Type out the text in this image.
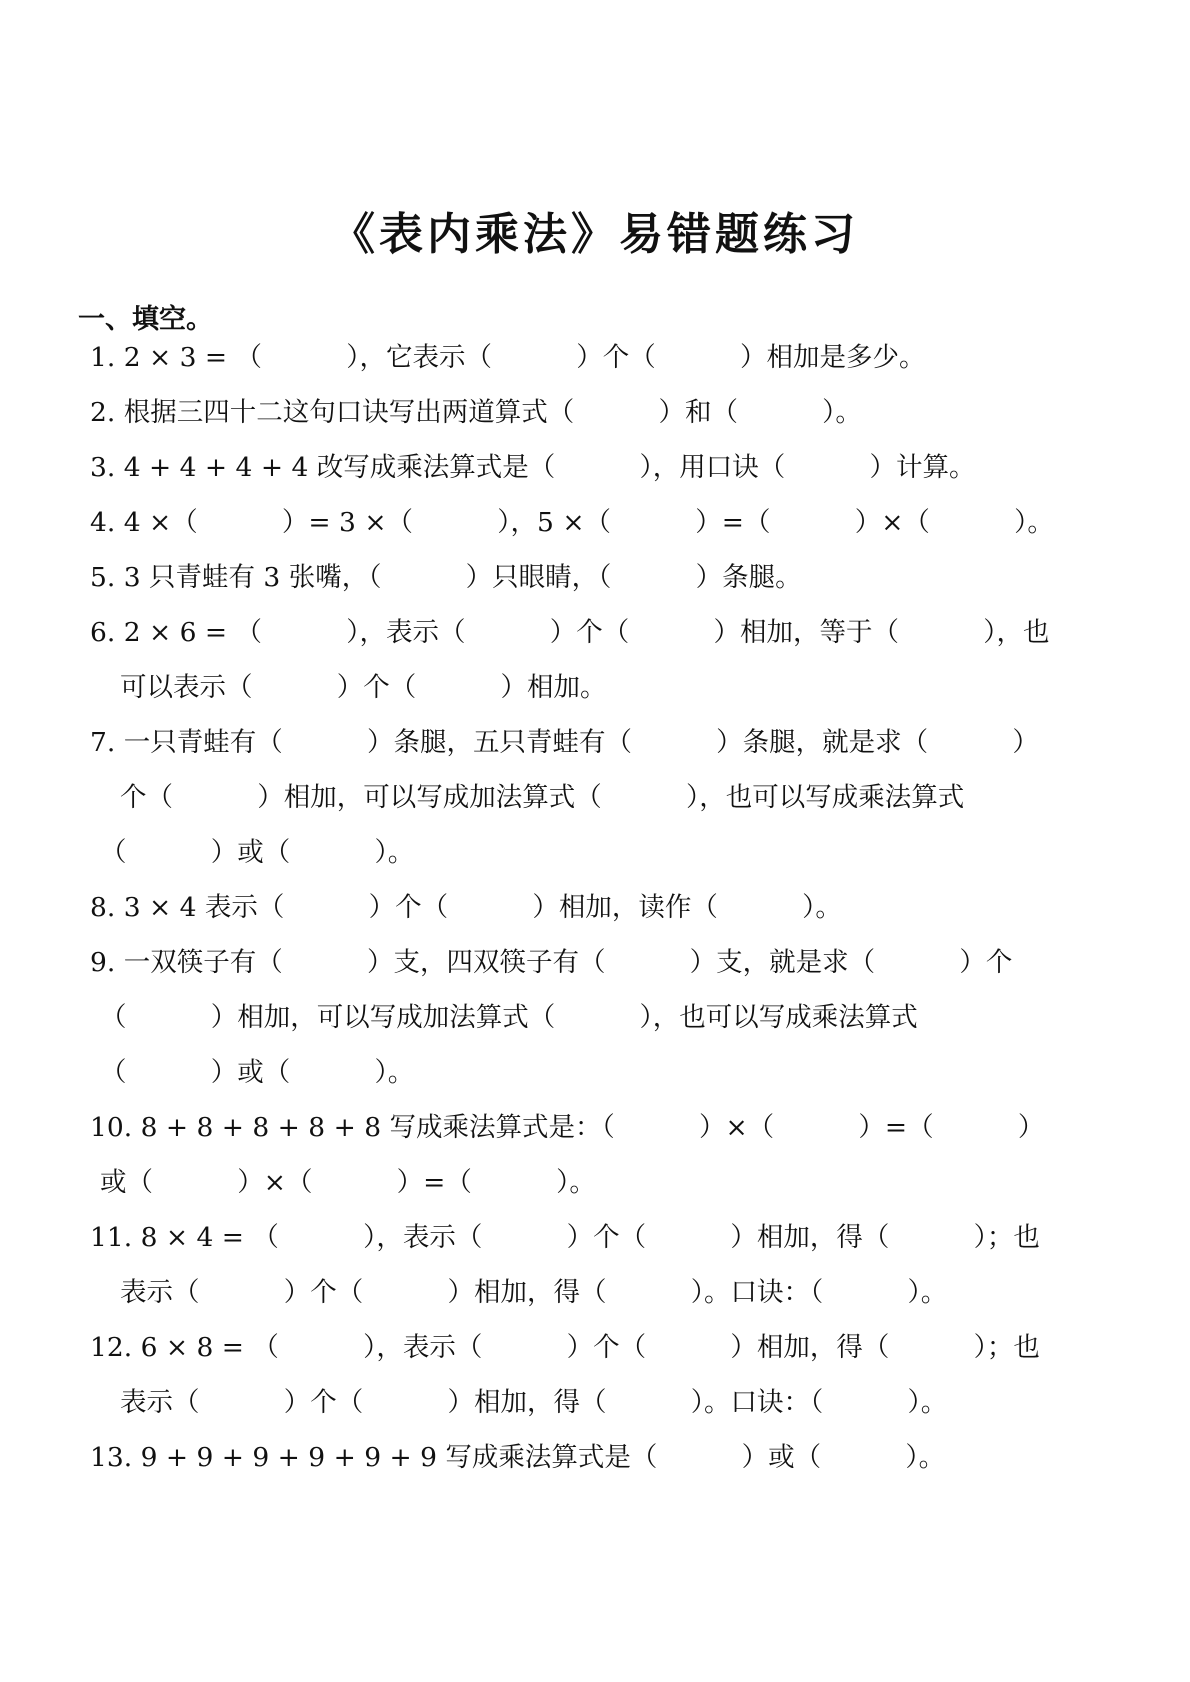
《表内乘法》易错题练习
一、填空。
1. 2 × 3 = （          ），它表示（          ）个（          ）相加是多少。
2. 根据三四十二这句口诀写出两道算式（          ）和（          ）。
3. 4 + 4 + 4 + 4 改写成乘法算式是（          ），用口诀（          ）计算。
4. 4 ×（          ）= 3 ×（          ），5 ×（          ）=（          ）×（          ）。
5. 3 只青蛙有 3 张嘴，（          ）只眼睛，（          ）条腿。
6. 2 × 6 = （          ），表示（          ）个（          ）相加，等于（          ），也
可以表示（          ）个（          ）相加。
7. 一只青蛙有（          ）条腿，五只青蛙有（          ）条腿，就是求（          ）
个（          ）相加，可以写成加法算式（          ），也可以写成乘法算式
（          ）或（          ）。
8. 3 × 4 表示（          ）个（          ）相加，读作（          ）。
9. 一双筷子有（          ）支，四双筷子有（          ）支，就是求（          ）个
（          ）相加，可以写成加法算式（          ），也可以写成乘法算式
（          ）或（          ）。
10. 8 + 8 + 8 + 8 + 8 写成乘法算式是：（          ）×（          ）=（          ）
或（          ）×（          ）=（          ）。
11. 8 × 4 = （          ），表示（          ）个（          ）相加，得（          ）；也
表示（          ）个（          ）相加，得（          ）。口诀：（          ）。
12. 6 × 8 = （          ），表示（          ）个（          ）相加，得（          ）；也
表示（          ）个（          ）相加，得（          ）。口诀：（          ）。
13. 9 + 9 + 9 + 9 + 9 + 9 写成乘法算式是（          ）或（          ）。
